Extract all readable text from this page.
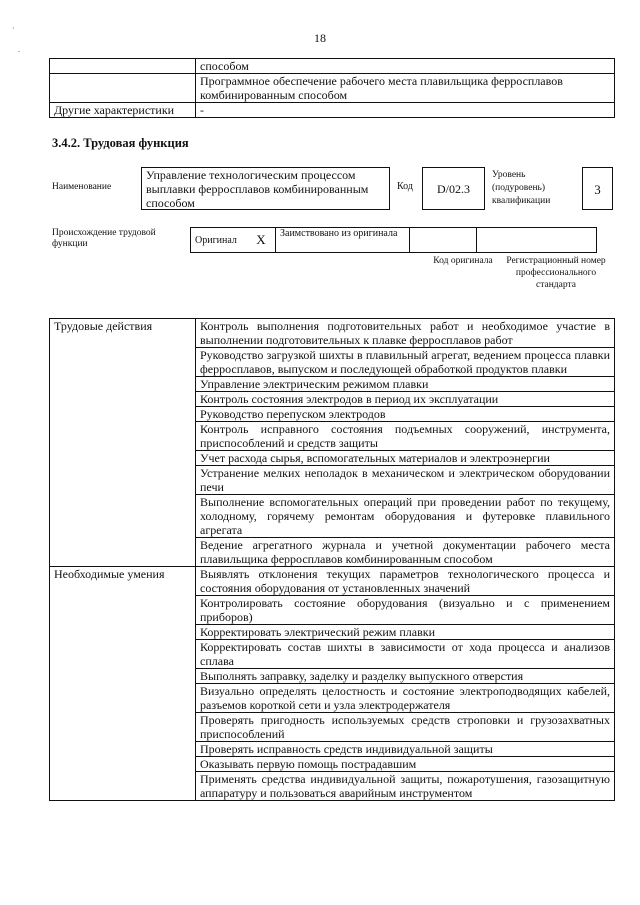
18
	способом
	Программное обеспечение рабочего места плавильщика ферросплавов комбинированным способом
Другие характеристики	-
3.4.2. Трудовая функция
Наименование
Управление технологическим процессом выплавки ферросплавов комбинированным способом
Код	D/02.3
Уровень (подуровень) квалификации
3
Происхождение трудовой функции	Оригинал	X	Заимствовано из оригинала		
Код оригинала	Регистрационный номер профессионального стандарта
Трудовые действия	Контроль выполнения подготовительных работ и необходимое участие в выполнении подготовительных к плавке ферросплавов работ
	Руководство загрузкой шихты в плавильный агрегат, ведением процесса плавки ферросплавов, выпуском и последующей обработкой продуктов плавки
	Управление электрическим режимом плавки
	Контроль состояния электродов в период их эксплуатации
	Руководство перепуском электродов
	Контроль исправного состояния подъемных сооружений, инструмента, приспособлений и средств защиты
	Учет расхода сырья, вспомогательных материалов и электроэнергии
	Устранение мелких неполадок в механическом и электрическом оборудовании печи
	Выполнение вспомогательных операций при проведении работ по текущему, холодному, горячему ремонтам оборудования и футеровке плавильного агрегата
	Ведение агрегатного журнала и учетной документации рабочего места плавильщика ферросплавов комбинированным способом
Необходимые умения	Выявлять отклонения текущих параметров технологического процесса и состояния оборудования от установленных значений
	Контролировать состояние оборудования (визуально и с применением приборов)
	Корректировать электрический режим плавки
	Корректировать состав шихты в зависимости от хода процесса и анализов сплава
	Выполнять заправку, заделку и разделку выпускного отверстия
	Визуально определять целостность и состояние электроподводящих кабелей, разъемов короткой сети и узла электродержателя
	Проверять пригодность используемых средств строповки и грузозахватных приспособлений
	Проверять исправность средств индивидуальной защиты
	Оказывать первую помощь пострадавшим
	Применять средства индивидуальной защиты, пожаротушения, газозащитную аппаратуру и пользоваться аварийным инструментом
·
.
